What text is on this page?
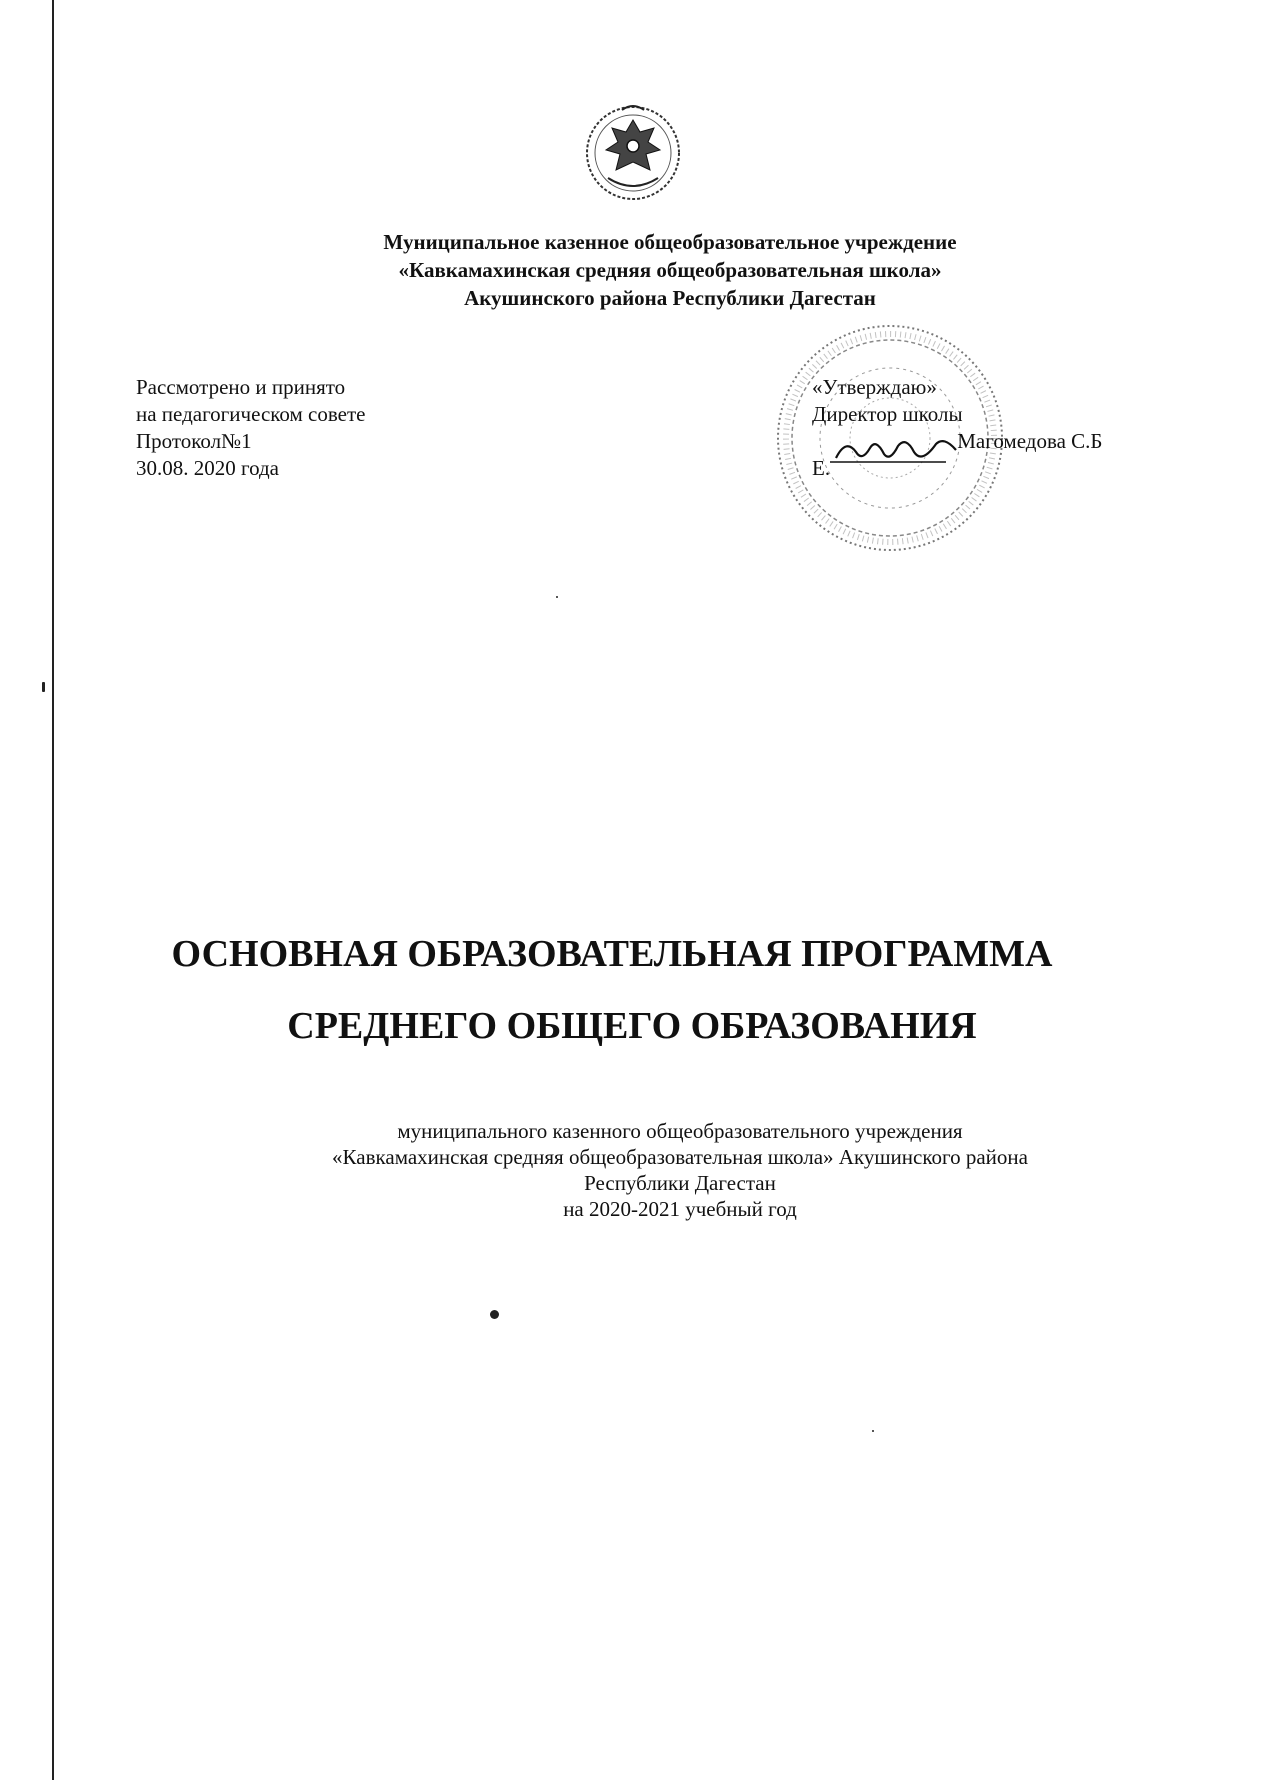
Муниципальное казенное общеобразовательное учреждение
«Кавкамахинская средняя общеобразовательная школа»
Акушинского района Республики Дагестан
Рассмотрено и принято
на педагогическом совете
Протокол№1
30.08. 2020 года
«Утверждаю»
Директор школы
Магомедова С.Б
Е.
ОСНОВНАЯ ОБРАЗОВАТЕЛЬНАЯ ПРОГРАММА
СРЕДНЕГО ОБЩЕГО ОБРАЗОВАНИЯ
муниципального казенного общеобразовательного учреждения
«Кавкамахинская средняя общеобразовательная школа» Акушинского района
Республики Дагестан
на 2020-2021 учебный год
